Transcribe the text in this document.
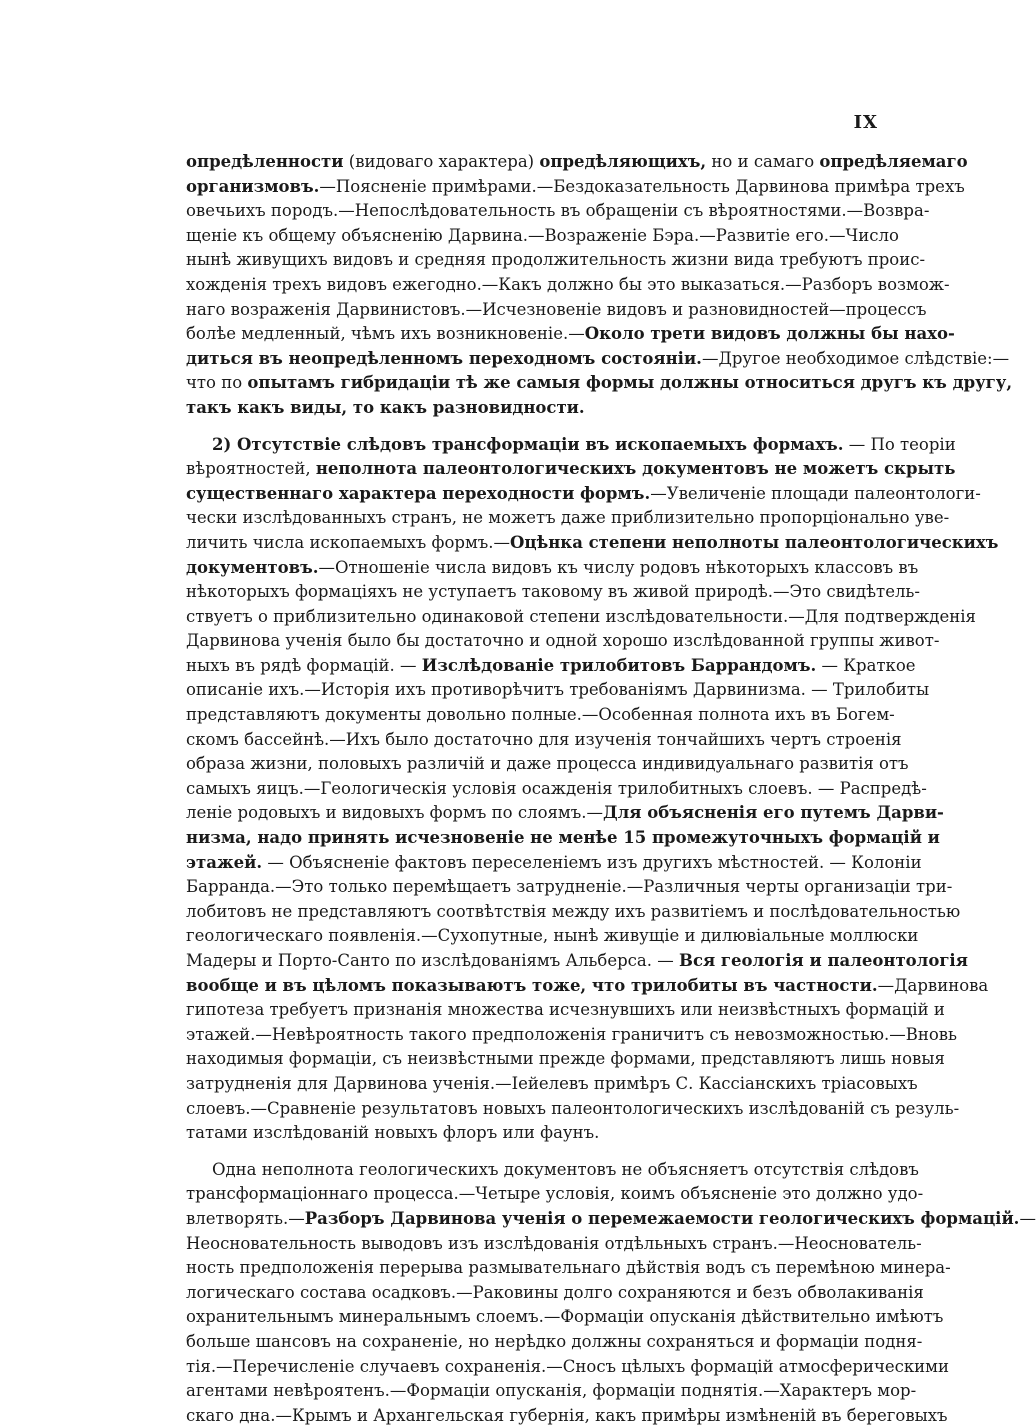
IX
опредѣленности (видоваго характера) опредѣляющихъ, но и самаго опредѣляемаго
организмовъ.—Поясненіе примѣрами.—Бездоказательность Дарвинова примѣра трехъ
овечьихъ породъ.—Непослѣдовательность въ обращеніи съ вѣроятностями.—Возвра-
щеніе къ общему объясненію Дарвина.—Возраженіе Бэра.—Развитіе его.—Число
нынѣ живущихъ видовъ и средняя продолжительность жизни вида требуютъ проис-
хожденія трехъ видовъ ежегодно.—Какъ должно бы это выказаться.—Разборъ возмож-
наго возраженія Дарвинистовъ.—Исчезновеніе видовъ и разновидностей—процессъ
болѣе медленный, чѣмъ ихъ возникновеніе.—Около трети видовъ должны бы нахо-
диться въ неопредѣленномъ переходномъ состояніи.—Другое необходимое слѣдствіе:—
что по опытамъ гибридаціи тѣ же самыя формы должны относиться другъ къ другу,
такъ какъ виды, то какъ разновидности.
2) Отсутствіе слѣдовъ трансформаціи въ ископаемыхъ формахъ. — По теоріи
вѣроятностей, неполнота палеонтологическихъ документовъ не можетъ скрыть
существеннаго характера переходности формъ.—Увеличеніе площади палеонтологи-
чески изслѣдованныхъ странъ, не можетъ даже приблизительно пропорціонально уве-
личить числа ископаемыхъ формъ.—Оцѣнка степени неполноты палеонтологическихъ
документовъ.—Отношеніе числа видовъ къ числу родовъ нѣкоторыхъ классовъ въ
нѣкоторыхъ формаціяхъ не уступаетъ таковому въ живой природѣ.—Это свидѣтель-
ствуетъ о приблизительно одинаковой степени изслѣдовательности.—Для подтвержденія
Дарвинова ученія было бы достаточно и одной хорошо изслѣдованной группы живот-
ныхъ въ рядѣ формацій. — Изслѣдованіе трилобитовъ Баррандомъ. — Краткое
описаніе ихъ.—Исторія ихъ противорѣчитъ требованіямъ Дарвинизма. — Трилобиты
представляютъ документы довольно полные.—Особенная полнота ихъ въ Богем-
скомъ бассейнѣ.—Ихъ было достаточно для изученія тончайшихъ чертъ строенія
образа жизни, половыхъ различій и даже процесса индивидуальнаго развитія отъ
самыхъ яицъ.—Геологическія условія осажденія трилобитныхъ слоевъ. — Распредѣ-
леніе родовыхъ и видовыхъ формъ по слоямъ.—Для объясненія его путемъ Дарви-
низма, надо принять исчезновеніе не менѣе 15 промежуточныхъ формацій и
этажей. — Объясненіе фактовъ переселеніемъ изъ другихъ мѣстностей. — Колоніи
Барранда.—Это только перемѣщаетъ затрудненіе.—Различныя черты организаціи три-
лобитовъ не представляютъ соотвѣтствія между ихъ развитіемъ и послѣдовательностью
геологическаго появленія.—Сухопутные, нынѣ живущіе и дилювіальные моллюски
Мадеры и Порто-Санто по изслѣдованіямъ Альберса. — Вся геологія и палеонтологія
вообще и въ цѣломъ показываютъ тоже, что трилобиты въ частности.—Дарвинова
гипотеза требуетъ признанія множества исчезнувшихъ или неизвѣстныхъ формацій и
этажей.—Невѣроятность такого предположенія граничитъ съ невозможностью.—Вновь
находимыя формаціи, съ неизвѣстными прежде формами, представляютъ лишь новыя
затрудненія для Дарвинова ученія.—Іейелевъ примѣръ С. Кассіанскихъ тріасовыхъ
слоевъ.—Сравненіе результатовъ новыхъ палеонтологическихъ изслѣдованій съ резуль-
татами изслѣдованій новыхъ флоръ или фаунъ.
Одна неполнота геологическихъ документовъ не объясняетъ отсутствія слѣдовъ
трансформаціоннаго процесса.—Четыре условія, коимъ объясненіе это должно удо-
влетворять.—Разборъ Дарвинова ученія о перемежаемости геологическихъ формацій.—
Неосновательность выводовъ изъ изслѣдованія отдѣльныхъ странъ.—Неоснователь-
ность предположенія перерыва размывательнаго дѣйствія водъ съ перемѣною минера-
логическаго состава осадковъ.—Раковины долго сохраняются и безъ обволакиванія
охранительнымъ минеральнымъ слоемъ.—Формаціи опусканія дѣйствительно имѣютъ
больше шансовъ на сохраненіе, но нерѣдко должны сохраняться и формаціи подня-
тія.—Перечисленіе случаевъ сохраненія.—Сносъ цѣлыхъ формацій атмосферическими
агентами невѣроятенъ.—Формаціи опусканія, формаціи поднятія.—Характеръ мор-
скаго дна.—Крымъ и Архангельская губернія, какъ примѣры измѣненій въ береговыхъ
